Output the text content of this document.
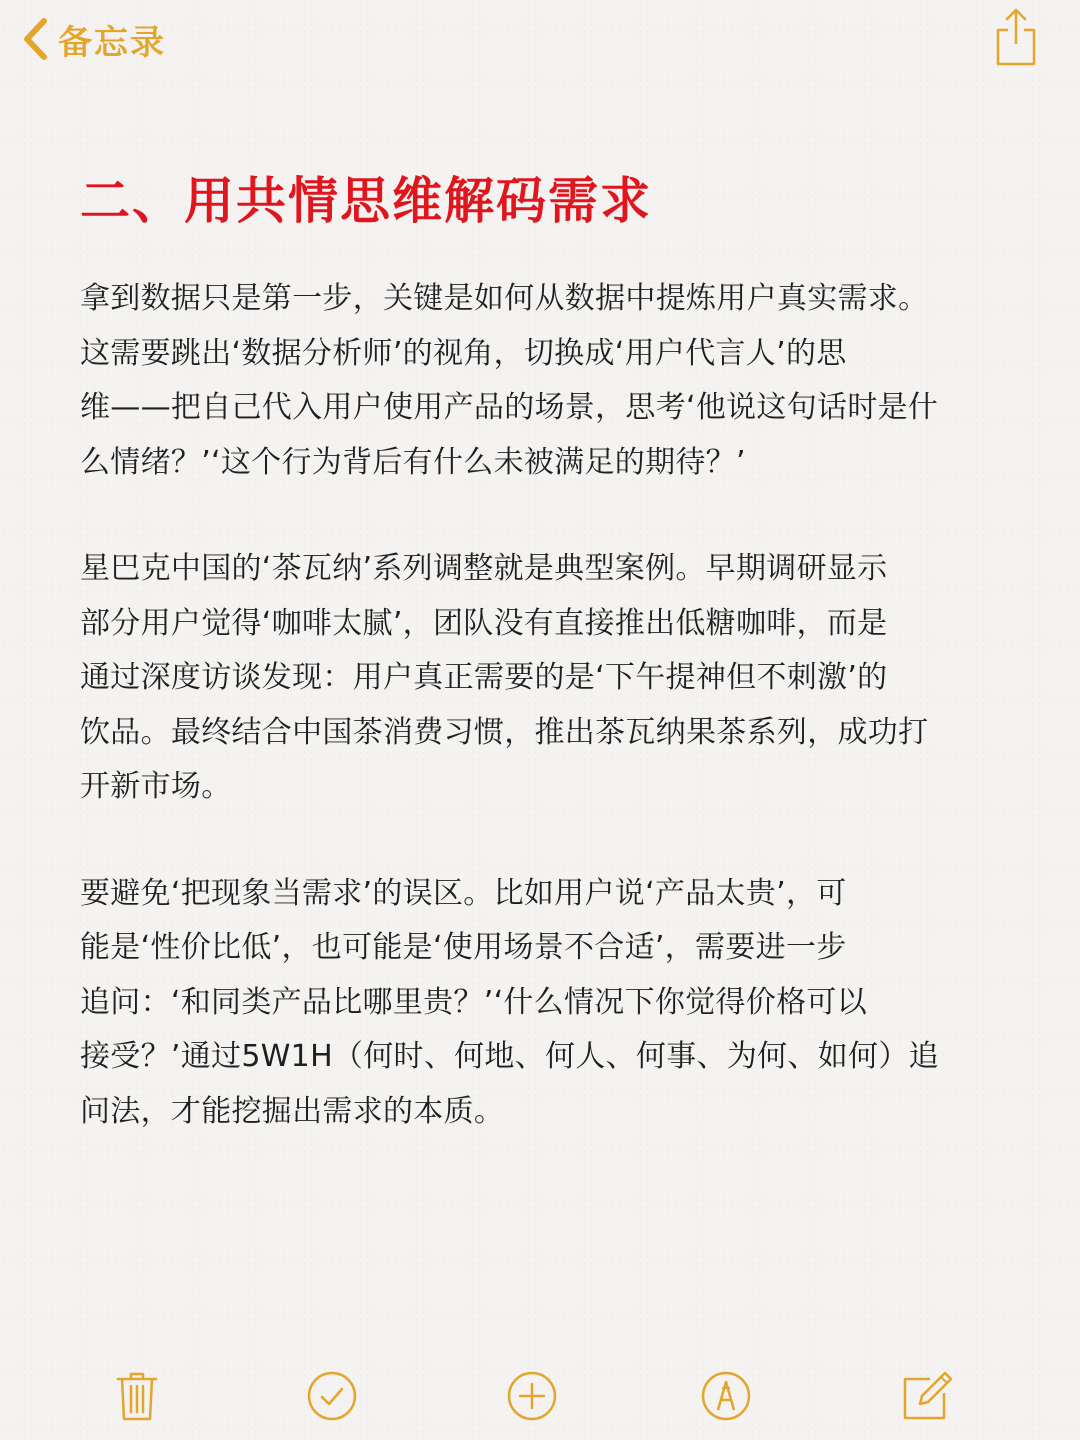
备忘录
二、用共情思维解码需求

拿到数据只是第一步，关键是如何从数据中提炼用户真实需求。
这需要跳出‘数据分析师’的视角，切换成‘用户代言人’的思
维——把自己代入用户使用产品的场景，思考‘他说这句话时是什
么情绪？’‘这个行为背后有什么未被满足的期待？’

星巴克中国的‘茶瓦纳’系列调整就是典型案例。早期调研显示
部分用户觉得‘咖啡太腻’，团队没有直接推出低糖咖啡，而是
通过深度访谈发现：用户真正需要的是‘下午提神但不刺激’的
饮品。最终结合中国茶消费习惯，推出茶瓦纳果茶系列，成功打
开新市场。

要避免‘把现象当需求’的误区。比如用户说‘产品太贵’，可
能是‘性价比低’，也可能是‘使用场景不合适’，需要进一步
追问：‘和同类产品比哪里贵？’‘什么情况下你觉得价格可以
接受？’通过5W1H（何时、何地、何人、何事、为何、如何）追
问法，才能挖掘出需求的本质。
